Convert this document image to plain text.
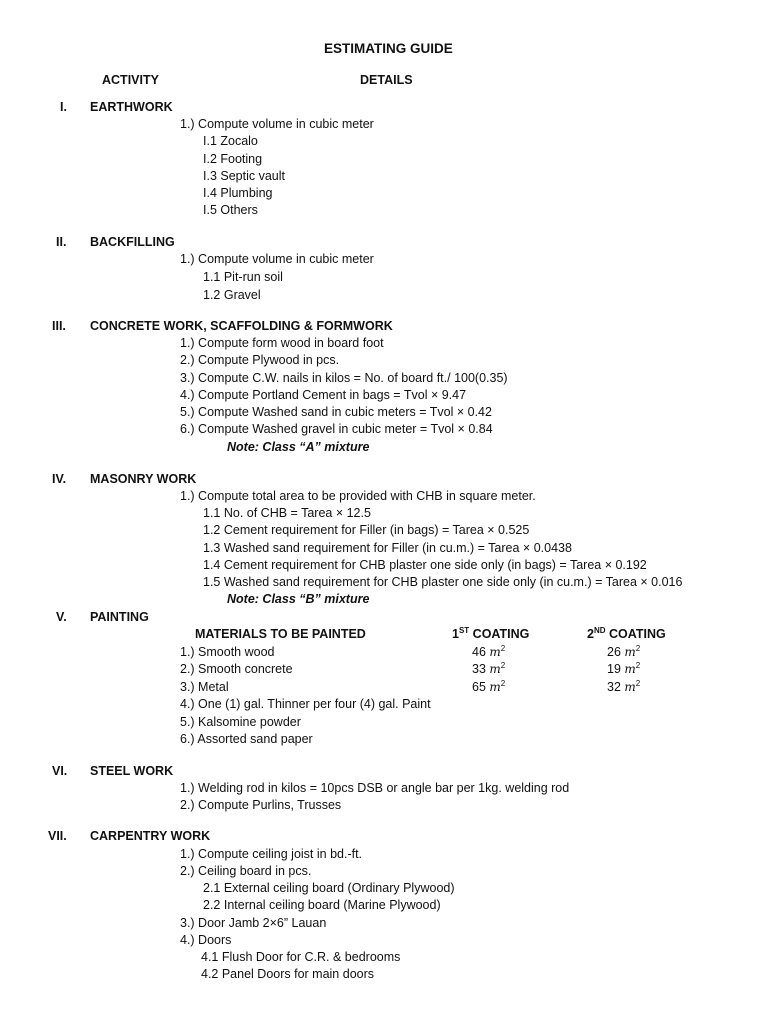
ESTIMATING GUIDE
ACTIVITY	DETAILS
I. EARTHWORK
1.) Compute volume in cubic meter
I.1 Zocalo
I.2 Footing
I.3 Septic vault
I.4 Plumbing
I.5 Others
II. BACKFILLING
1.) Compute volume in cubic meter
1.1 Pit-run soil
1.2 Gravel
III. CONCRETE WORK, SCAFFOLDING & FORMWORK
1.) Compute form wood in board foot
2.) Compute Plywood in pcs.
3.) Compute C.W. nails in kilos = No. of board ft./ 100(0.35)
4.) Compute Portland Cement in bags = Tvol × 9.47
5.) Compute Washed sand in cubic meters = Tvol × 0.42
6.) Compute Washed gravel in cubic meter = Tvol × 0.84
Note: Class “A” mixture
IV. MASONRY WORK
1.) Compute total area to be provided with CHB in square meter.
1.1 No. of CHB = Tarea × 12.5
1.2 Cement requirement for Filler (in bags) = Tarea × 0.525
1.3 Washed sand requirement for Filler (in cu.m.) = Tarea × 0.0438
1.4 Cement requirement for CHB plaster one side only (in bags) = Tarea × 0.192
1.5 Washed sand requirement for CHB plaster one side only (in cu.m.) = Tarea × 0.016
Note: Class “B” mixture
V. PAINTING
MATERIALS TO BE PAINTED	1ST COATING	2ND COATING
1.) Smooth wood	46 $m^2$	26 $m^2$
2.) Smooth concrete	33 $m^2$	19 $m^2$
3.) Metal	65 $m^2$	32 $m^2$
4.) One (1) gal. Thinner per four (4) gal. Paint
5.) Kalsomine powder
6.) Assorted sand paper
VI. STEEL WORK
1.) Welding rod in kilos = 10pcs DSB or angle bar per 1kg. welding rod
2.) Compute Purlins, Trusses
VII. CARPENTRY WORK
1.) Compute ceiling joist in bd.-ft.
2.) Ceiling board in pcs.
2.1 External ceiling board (Ordinary Plywood)
2.2 Internal ceiling board (Marine Plywood)
3.) Door Jamb 2×6” Lauan
4.) Doors
4.1 Flush Door for C.R. & bedrooms
4.2 Panel Doors for main doors
